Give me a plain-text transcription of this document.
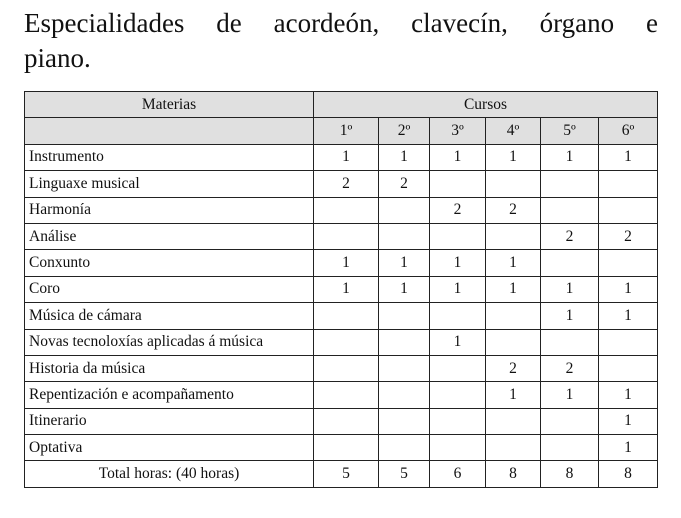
Especialidades de acordeón, clavecín, órgano e
piano.
Materias	Cursos					
	1º	2º	3º	4º	5º	6º
Instrumento	1	1	1	1	1	1
Linguaxe musical	2	2				
Harmonía			2	2		
Análise					2	2
Conxunto	1	1	1	1		
Coro	1	1	1	1	1	1
Música de cámara					1	1
Novas tecnoloxías aplicadas á música			1			
Historia da música				2	2	
Repentización e acompañamento				1	1	1
Itinerario						1
Optativa						1
Total horas: (40 horas)	5	5	6	8	8	8
